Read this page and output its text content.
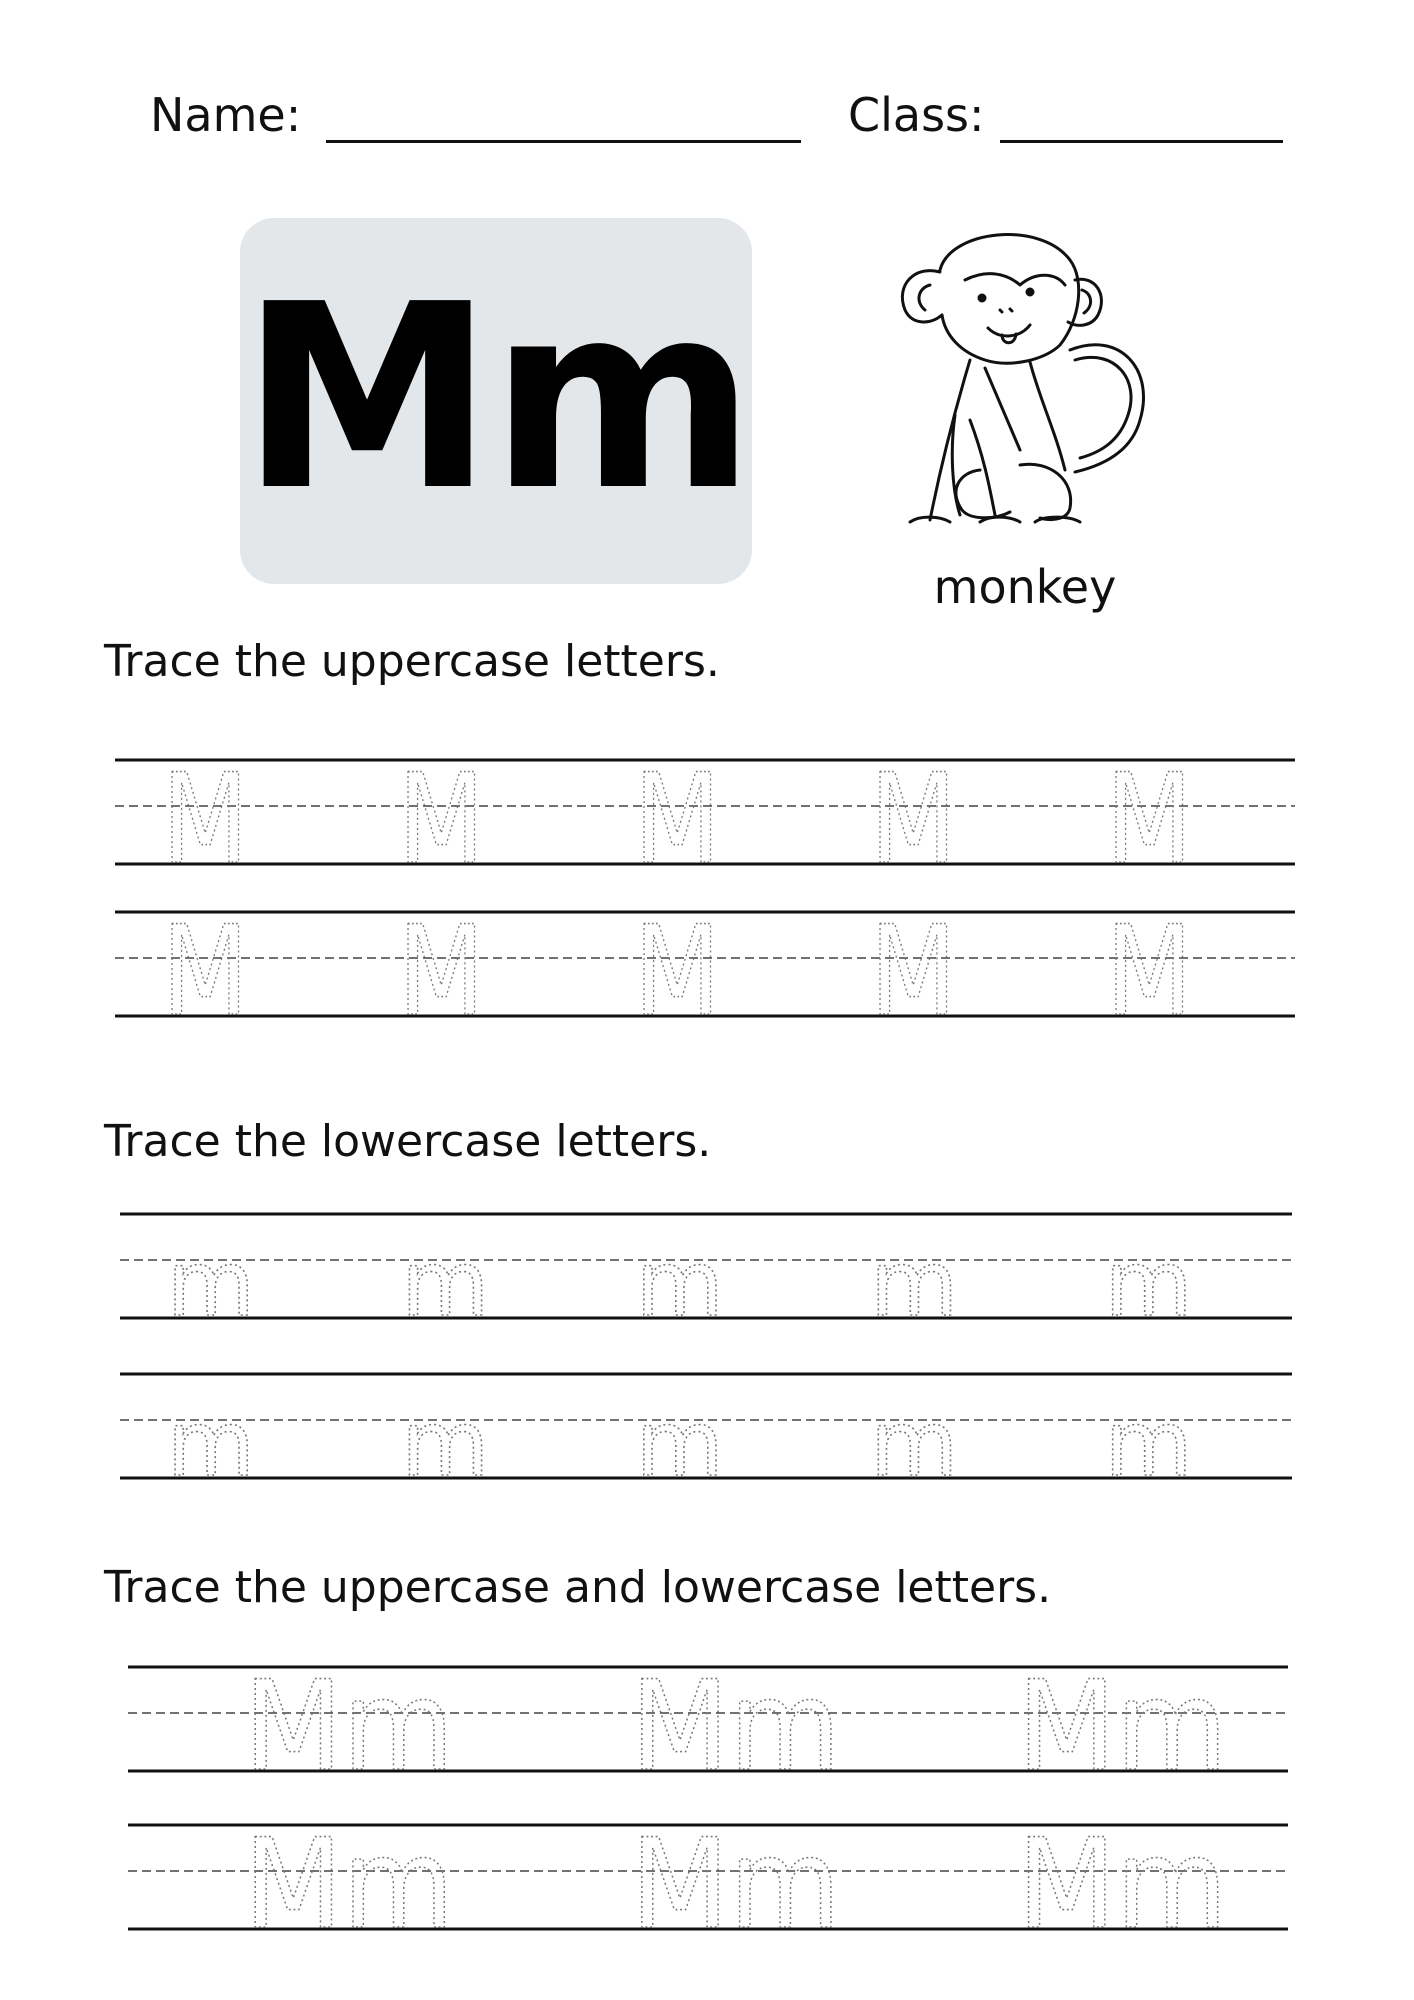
Name:	Class:
Mm
monkey
Trace the uppercase letters.
M M M M M
M M M M M
Trace the lowercase letters.
m m m m m
m m m m m
Trace the uppercase and lowercase letters.
Mm Mm Mm
Mm Mm Mm
